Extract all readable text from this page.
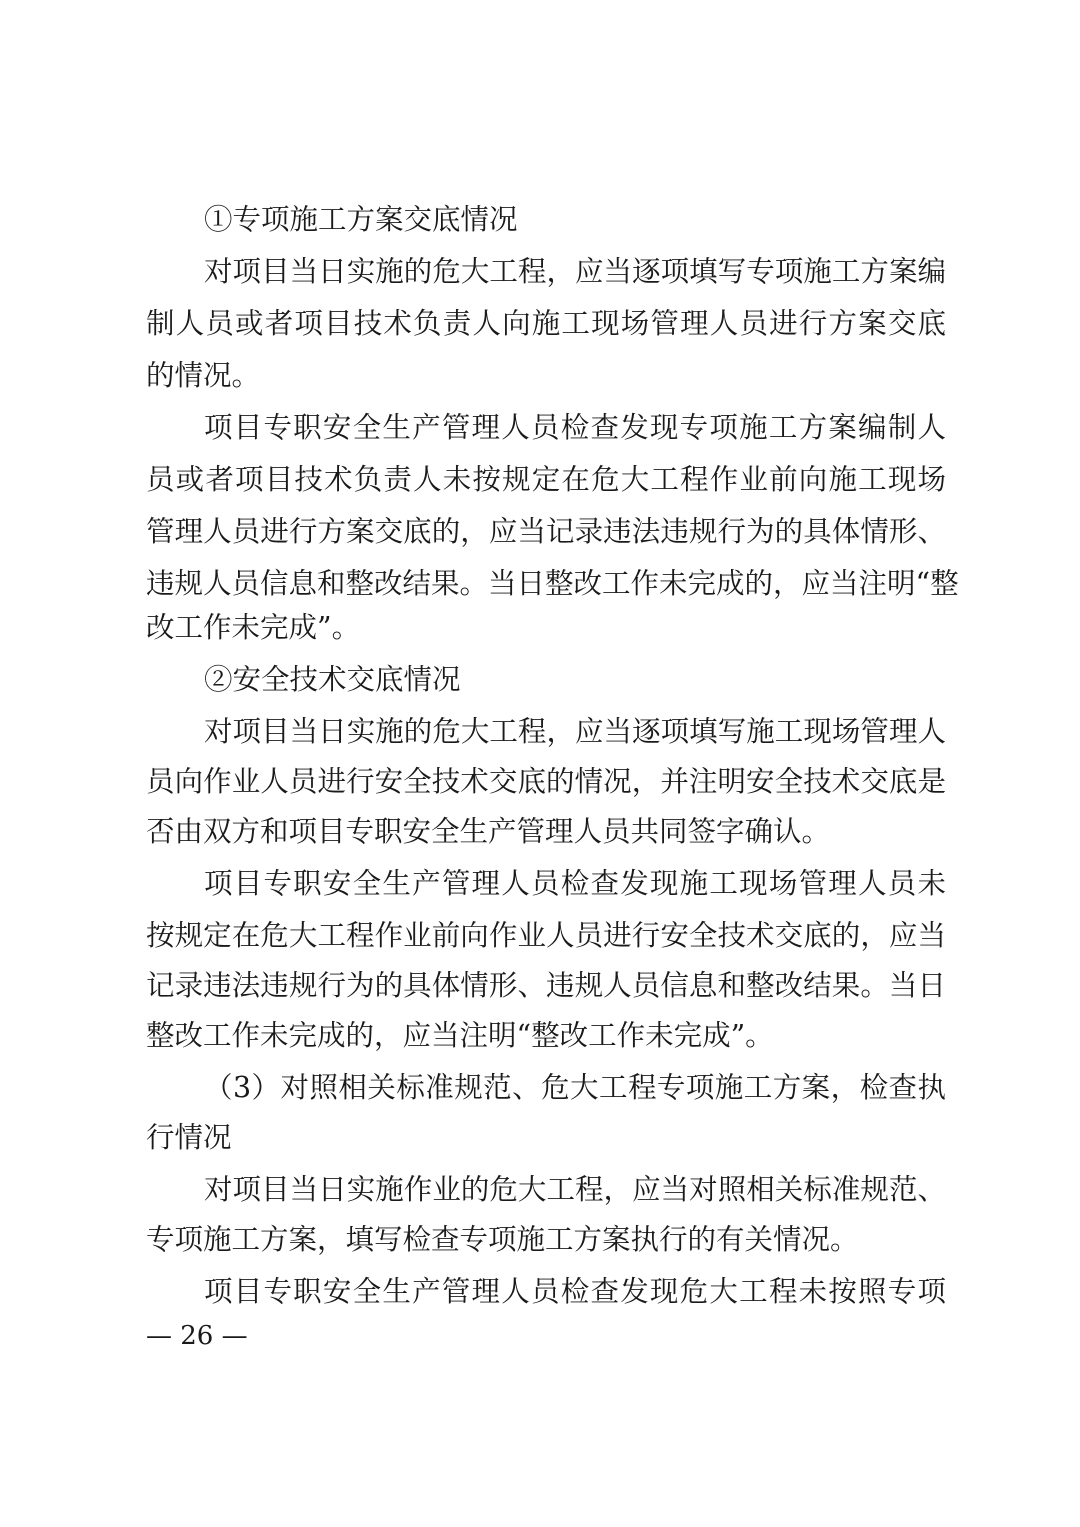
①专项施工方案交底情况
对项目当日实施的危大工程，应当逐项填写专项施工方案编
制人员或者项目技术负责人向施工现场管理人员进行方案交底
的情况。
项目专职安全生产管理人员检查发现专项施工方案编制人
员或者项目技术负责人未按规定在危大工程作业前向施工现场
管理人员进行方案交底的，应当记录违法违规行为的具体情形、
违规人员信息和整改结果。当日整改工作未完成的，应当注明“整
改工作未完成”。
②安全技术交底情况
对项目当日实施的危大工程，应当逐项填写施工现场管理人
员向作业人员进行安全技术交底的情况，并注明安全技术交底是
否由双方和项目专职安全生产管理人员共同签字确认。
项目专职安全生产管理人员检查发现施工现场管理人员未
按规定在危大工程作业前向作业人员进行安全技术交底的，应当
记录违法违规行为的具体情形、违规人员信息和整改结果。当日
整改工作未完成的，应当注明“整改工作未完成”。
（3）对照相关标准规范、危大工程专项施工方案，检查执
行情况
对项目当日实施作业的危大工程，应当对照相关标准规范、
专项施工方案，填写检查专项施工方案执行的有关情况。
项目专职安全生产管理人员检查发现危大工程未按照专项
— 26 —
